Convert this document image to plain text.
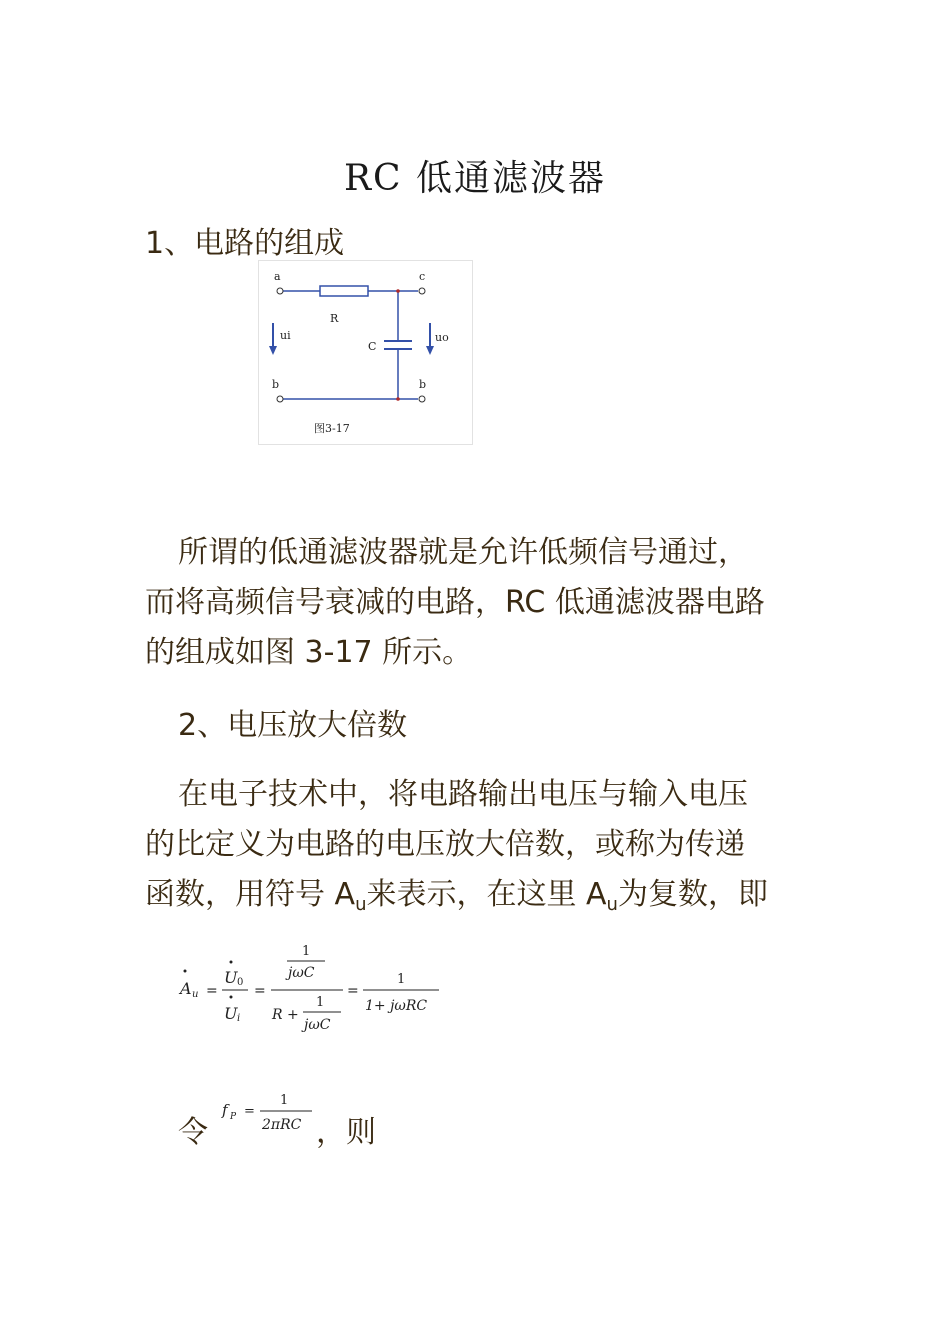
RC 低通滤波器
1、电路的组成
a	c
b	b
R
C
ui	uo
图3-17
所谓的低通滤波器就是允许低频信号通过，
而将高频信号衰减的电路，RC 低通滤波器电路
的组成如图 3-17 所示。
2、电压放大倍数
在电子技术中，将电路输出电压与输入电压
的比定义为电路的电压放大倍数，或称为传递
函数，用符号 $A_u$来表示，在这里 $A_u$为复数，即
A u =
U 0
U i
=
1
jωC
R +
1
jωC
=
1
1+ jωRC
令
f P =
1
2πRC ，则
